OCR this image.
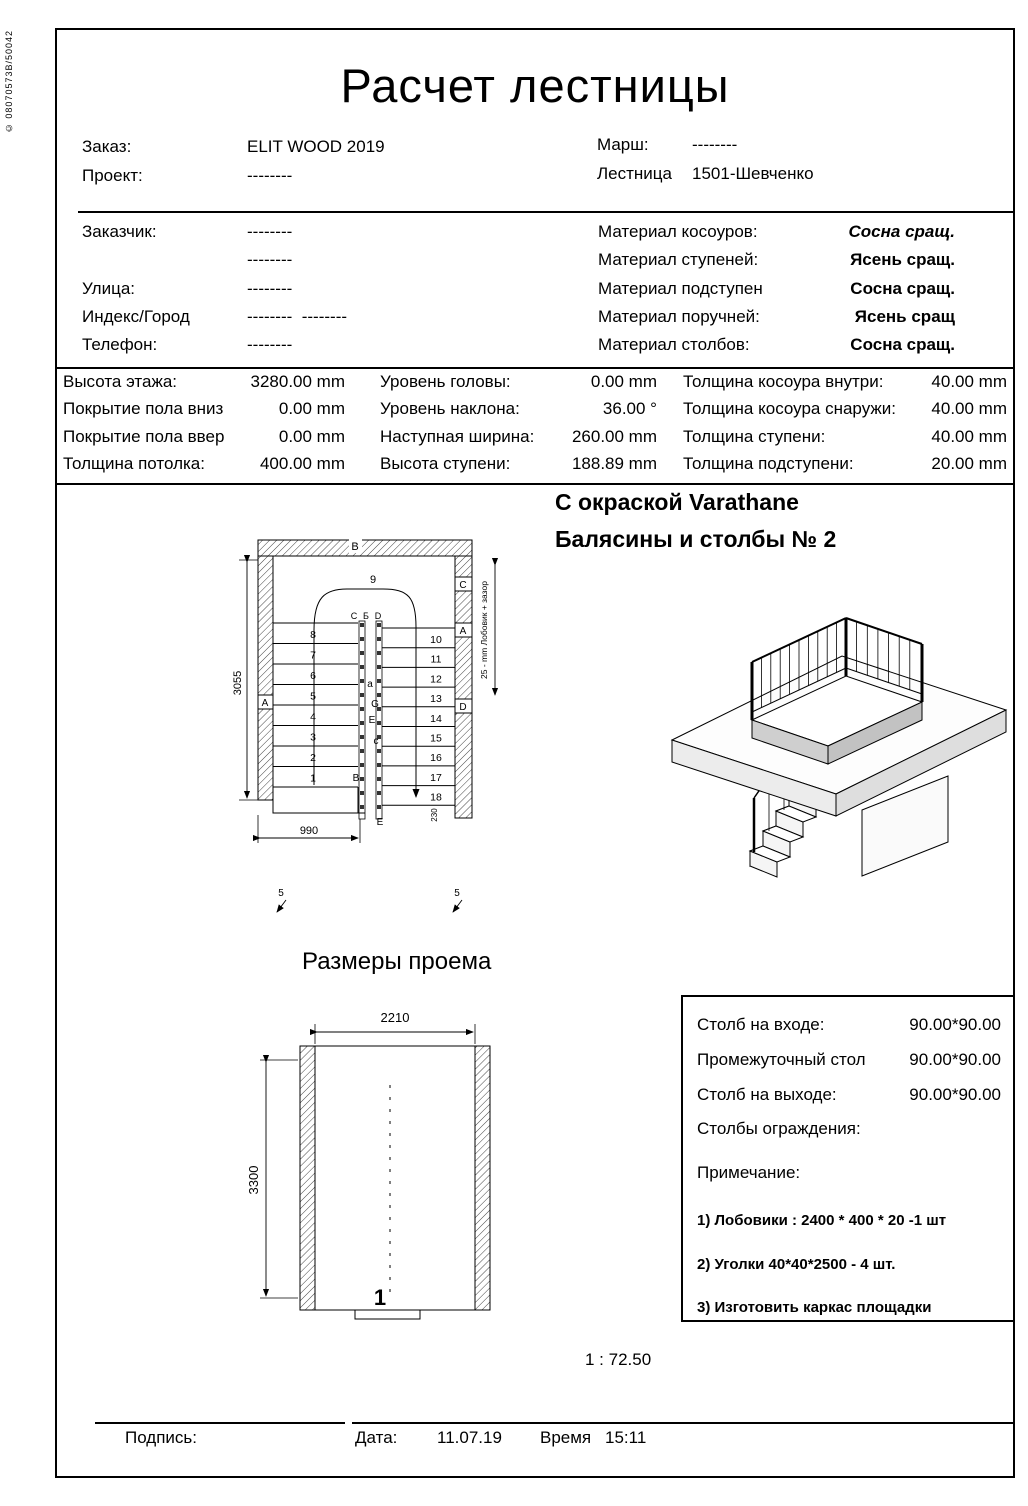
© 08070573B/50042	Расчет лестницы
Заказ:	ELIT WOOD 2019
Проект:	--------
Марш:	--------
Лестница 1501-Шевченко
Заказчик:	--------
--------
Улица:	--------
Индекс/Город	--------  --------
Телефон:	--------
Материал косоуров:	Сосна сращ.
Материал ступеней:	Ясень сращ.
Материал подступен	Сосна сращ.
Материал поручней:	Ясень сращ
Материал столбов:	Сосна сращ.
Высота этажа:	3280.00 mm
Покрытие пола вниз	0.00 mm
Покрытие пола ввер	0.00 mm
Толщина потолка:	400.00 mm
Уровень головы:	0.00 mm
Уровень наклона:	36.00 °
Наступная ширина:	260.00 mm
Высота ступени:	188.89 mm
Толщина косоура внутри:	40.00 mm
Толщина косоура снаружи:	40.00 mm
Толщина ступени:	40.00 mm
Толщина подступени:	20.00 mm
С окраской Varathane
Балясины и столбы № 2
3055
990
25 - mm Лобовик + зазор
230
B
9	C
A
D
A
C Б D
a
G
E
c
B
E
8
7
6
5
4
3
2
1
10
11
12
13
14
15
16
17
18
5	5
Размеры проема
2210
3300
1
Столб на входе:	90.00*90.00
Промежуточный стол	90.00*90.00
Столб на выходе:	90.00*90.00
Столбы ограждения:
Примечание:
1) Лобовики : 2400 * 400 * 20 -1 шт
2) Уголки 40*40*2500 - 4 шт.
3) Изготовить каркас площадки
1 : 72.50
Подпись:	Дата: 11.07.19 Время 15:11
